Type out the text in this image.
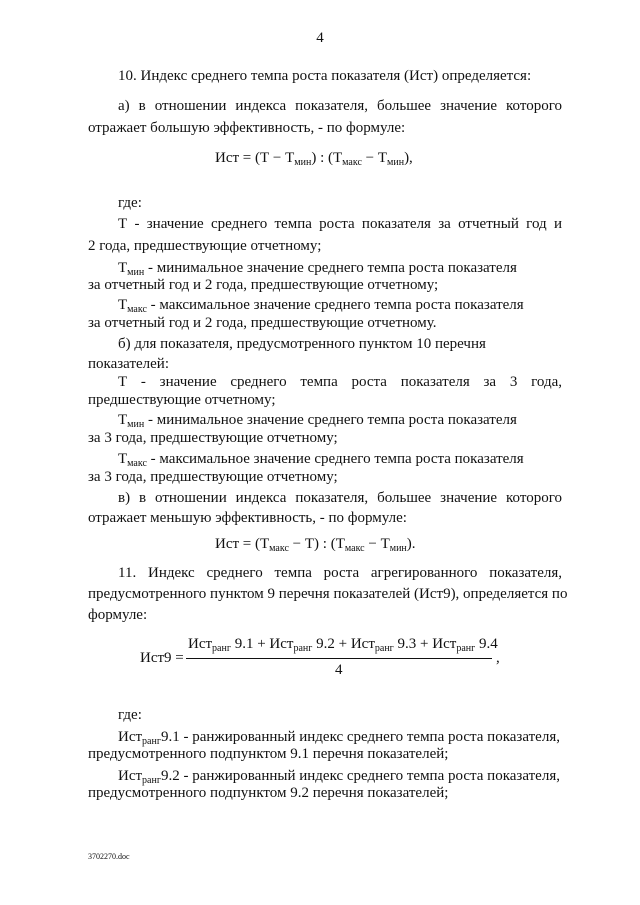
4
10. Индекс среднего темпа роста показателя (Ист) определяется:
а) в отношении индекса показателя, большее значение которого
отражает большую эффективность, - по формуле:
Ист = $(Т - Т_{мин})$ : $(Т_{макс} - Т_{мин})$,
где:
Т - значение среднего темпа роста показателя за отчетный год и
2 года, предшествующие отчетному;
$Т_{мин}$ - минимальное значение среднего темпа роста показателя
за отчетный год и 2 года, предшествующие отчетному;
$Т_{макс}$ - максимальное значение среднего темпа роста показателя
за отчетный год и 2 года, предшествующие отчетному.
б) для показателя, предусмотренного пунктом 10 перечня
показателей:
Т - значение среднего темпа роста показателя за 3 года,
предшествующие отчетному;
$Т_{мин}$ - минимальное значение среднего темпа роста показателя
за 3 года, предшествующие отчетному;
$Т_{макс}$ - максимальное значение среднего темпа роста показателя
за 3 года, предшествующие отчетному;
в) в отношении индекса показателя, большее значение которого
отражает меньшую эффективность, - по формуле:
Ист = $(Т_{макс} - Т)$ : $(Т_{макс} - Т_{мин})$.
11. Индекс среднего темпа роста агрегированного показателя,
предусмотренного пунктом 9 перечня показателей (Ист9), определяется по
формуле:
Ист9 =
Ист$_{ранг}$ 9.1 + Ист$_{ранг}$ 9.2 + Ист$_{ранг}$ 9.3 + Ист$_{ранг}$ 9.4
4
,
где:
Ист$_{ранг}$9.1 - ранжированный индекс среднего темпа роста показателя,
предусмотренного подпунктом 9.1 перечня показателей;
Ист$_{ранг}$9.2 - ранжированный индекс среднего темпа роста показателя,
предусмотренного подпунктом 9.2 перечня показателей;
3702270.doc
